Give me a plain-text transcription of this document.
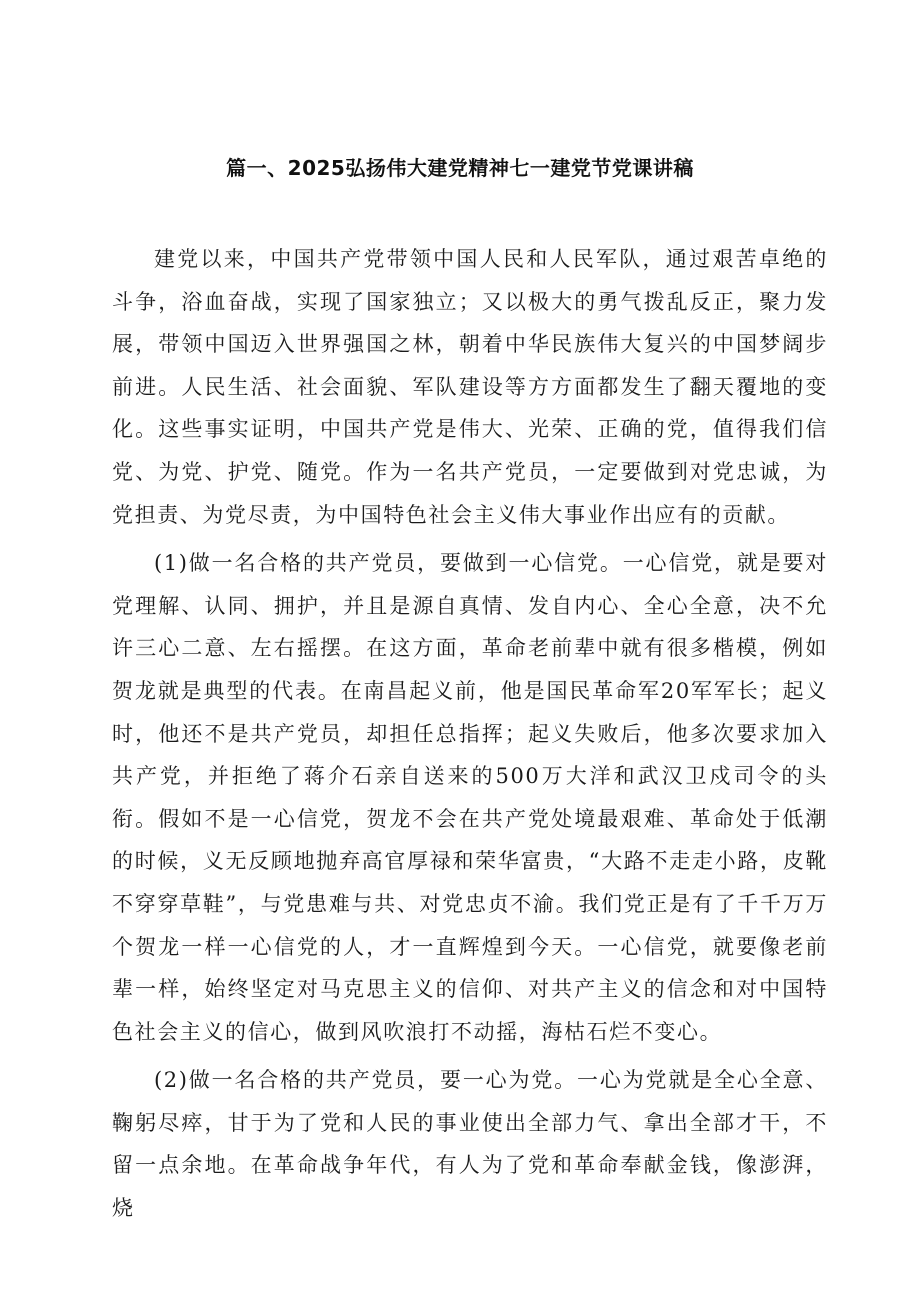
篇一、2025弘扬伟大建党精神七一建党节党课讲稿

建党以来，中国共产党带领中国人民和人民军队，通过艰苦卓绝的斗争，浴血奋战，实现了国家独立；又以极大的勇气拨乱反正，聚力发展，带领中国迈入世界强国之林，朝着中华民族伟大复兴的中国梦阔步前进。人民生活、社会面貌、军队建设等方方面都发生了翻天覆地的变化。这些事实证明，中国共产党是伟大、光荣、正确的党，值得我们信党、为党、护党、随党。作为一名共产党员，一定要做到对党忠诚，为党担责、为党尽责，为中国特色社会主义伟大事业作出应有的贡献。

(1)做一名合格的共产党员，要做到一心信党。一心信党，就是要对党理解、认同、拥护，并且是源自真情、发自内心、全心全意，决不允许三心二意、左右摇摆。在这方面，革命老前辈中就有很多楷模，例如贺龙就是典型的代表。在南昌起义前，他是国民革命军20军军长；起义时，他还不是共产党员，却担任总指挥；起义失败后，他多次要求加入共产党，并拒绝了蒋介石亲自送来的500万大洋和武汉卫戍司令的头衔。假如不是一心信党，贺龙不会在共产党处境最艰难、革命处于低潮的时候，义无反顾地抛弃高官厚禄和荣华富贵，“大路不走走小路，皮靴不穿穿草鞋”，与党患难与共、对党忠贞不渝。我们党正是有了千千万万个贺龙一样一心信党的人，才一直辉煌到今天。一心信党，就要像老前辈一样，始终坚定对马克思主义的信仰、对共产主义的信念和对中国特色社会主义的信心，做到风吹浪打不动摇，海枯石烂不变心。

(2)做一名合格的共产党员，要一心为党。一心为党就是全心全意、鞠躬尽瘁，甘于为了党和人民的事业使出全部力气、拿出全部才干，不留一点余地。在革命战争年代，有人为了党和革命奉献金钱，像澎湃，烧
